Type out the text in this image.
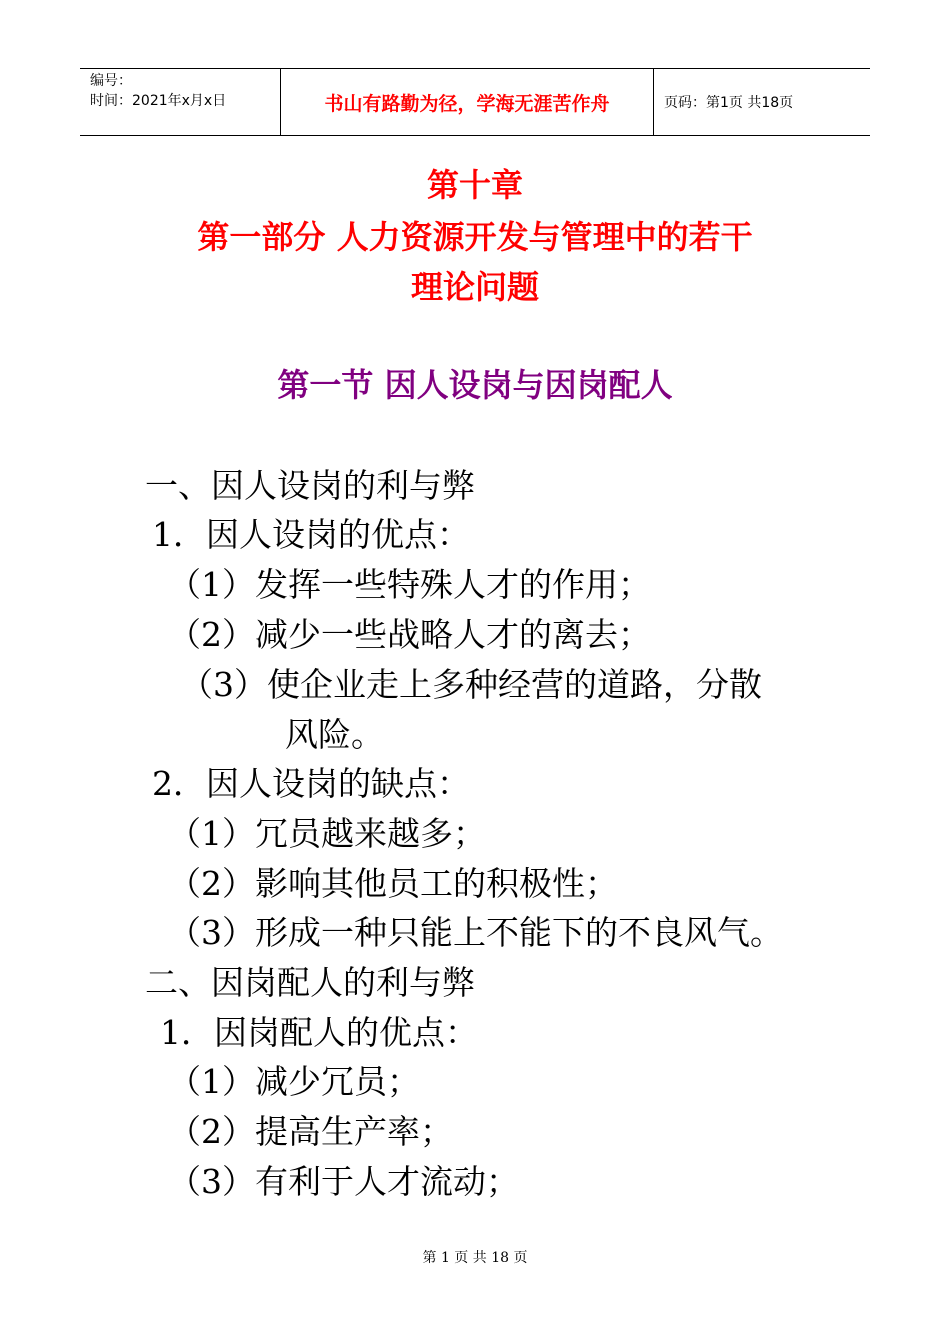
编号：
时间：2021年x月x日	书山有路勤为径，学海无涯苦作舟	页码：第1页 共18页
第十章
第一部分 人力资源开发与管理中的若干
理论问题
第一节 因人设岗与因岗配人
一、因人设岗的利与弊
1．因人设岗的优点：
（1）发挥一些特殊人才的作用；
（2）减少一些战略人才的离去；
（3）使企业走上多种经营的道路，分散
风险。
2．因人设岗的缺点：
（1）冗员越来越多；
（2）影响其他员工的积极性；
（3）形成一种只能上不能下的不良风气。
二、因岗配人的利与弊
1．因岗配人的优点：
（1）减少冗员；
（2）提高生产率；
（3）有利于人才流动；
第 1 页 共 18 页
